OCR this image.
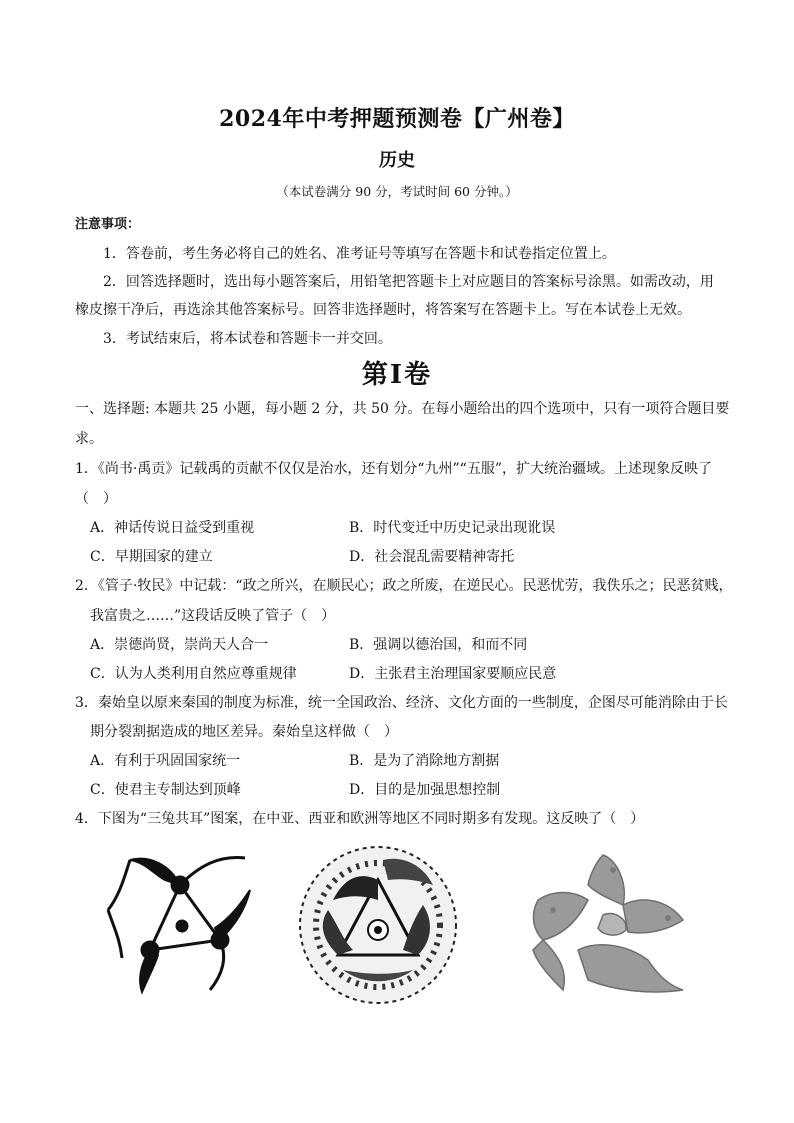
2024年中考押题预测卷【广州卷】
历史
（本试卷满分 90 分，考试时间 60 分钟。）
注意事项：
1．答卷前，考生务必将自己的姓名、准考证号等填写在答题卡和试卷指定位置上。
2．回答选择题时，选出每小题答案后，用铅笔把答题卡上对应题目的答案标号涂黑。如需改动，用
橡皮擦干净后，再选涂其他答案标号。回答非选择题时，将答案写在答题卡上。写在本试卷上无效。
3．考试结束后，将本试卷和答题卡一并交回。
第Ⅰ卷
一、选择题: 本题共 25 小题，每小题 2 分，共 50 分。在每小题给出的四个选项中，只有一项符合题目要
求。
1．《尚书·禹贡》记载禹的贡献不仅仅是治水，还有划分“九州”“五服”，扩大统治疆域。上述现象反映了
（　）
A．神话传说日益受到重视	B．时代变迁中历史记录出现讹误
C．早期国家的建立	D．社会混乱需要精神寄托
2．《管子·牧民》中记载：“政之所兴，在顺民心；政之所废，在逆民心。民恶忧劳，我佚乐之；民恶贫贱，
我富贵之……”这段话反映了管子（　）
A．崇德尚贤，崇尚天人合一	B．强调以德治国，和而不同
C．认为人类利用自然应尊重规律	D．主张君主治理国家要顺应民意
3．秦始皇以原来秦国的制度为标准，统一全国政治、经济、文化方面的一些制度，企图尽可能消除由于长
期分裂割据造成的地区差异。秦始皇这样做（　）
A．有利于巩固国家统一	B．是为了消除地方割据
C．使君主专制达到顶峰	D．目的是加强思想控制
4．下图为“三兔共耳”图案，在中亚、西亚和欧洲等地区不同时期多有发现。这反映了（　）
